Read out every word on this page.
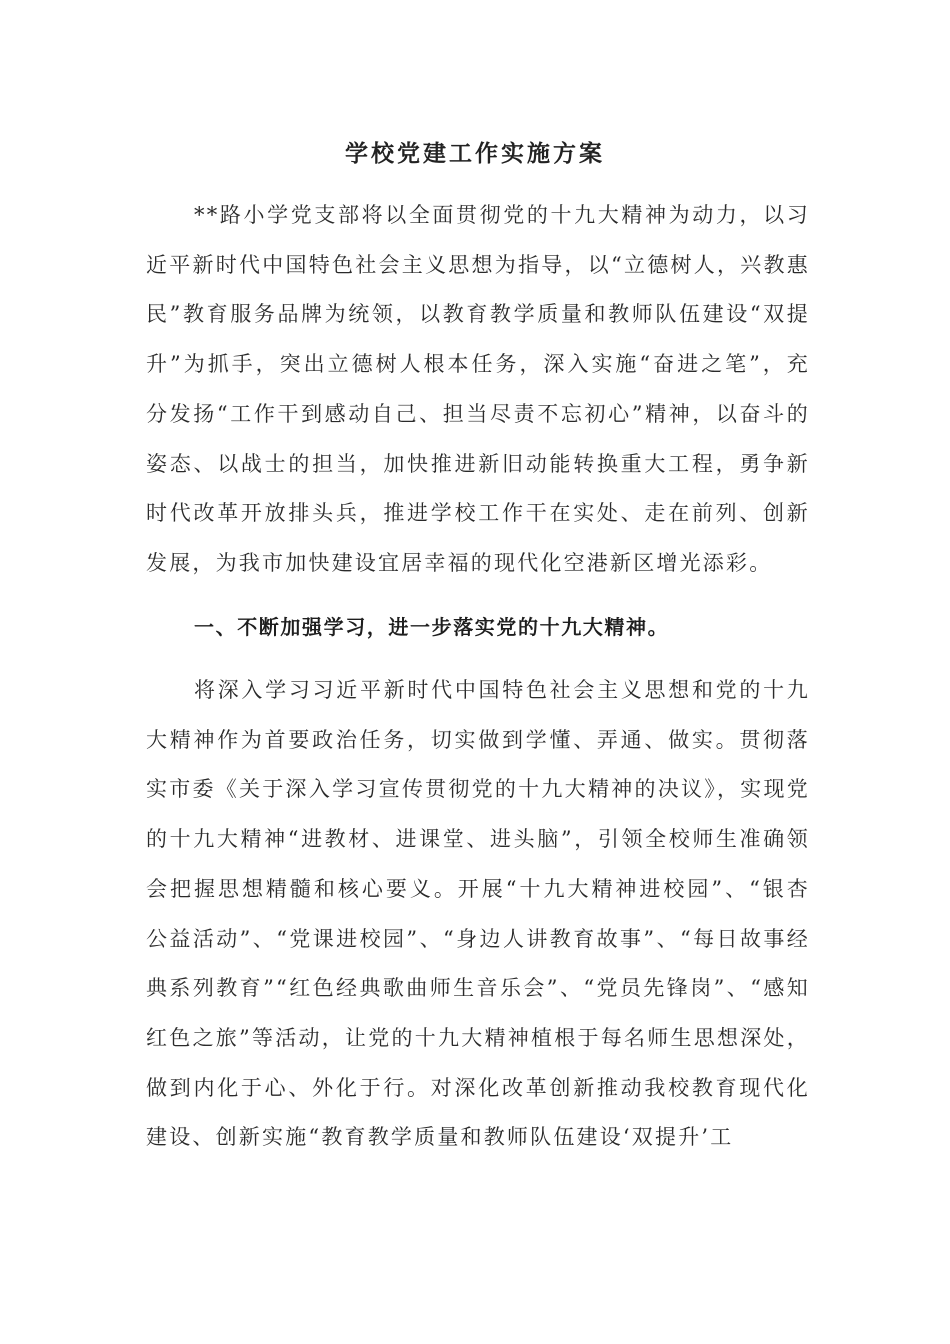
学校党建工作实施方案

**路小学党支部将以全面贯彻党的十九大精神为动力，以习近平新时代中国特色社会主义思想为指导，以“立德树人，兴教惠民”教育服务品牌为统领，以教育教学质量和教师队伍建设“双提升”为抓手，突出立德树人根本任务，深入实施“奋进之笔”，充分发扬“工作干到感动自己、担当尽责不忘初心”精神，以奋斗的姿态、以战士的担当，加快推进新旧动能转换重大工程，勇争新时代改革开放排头兵，推进学校工作干在实处、走在前列、创新发展，为我市加快建设宜居幸福的现代化空港新区增光添彩。

一、不断加强学习，进一步落实党的十九大精神。

将深入学习习近平新时代中国特色社会主义思想和党的十九大精神作为首要政治任务，切实做到学懂、弄通、做实。贯彻落实市委《关于深入学习宣传贯彻党的十九大精神的决议》，实现党的十九大精神“进教材、进课堂、进头脑”，引领全校师生准确领会把握思想精髓和核心要义。开展“十九大精神进校园”、“银杏公益活动”、“党课进校园”、“身边人讲教育故事”、“每日故事经典系列教育”“红色经典歌曲师生音乐会”、“党员先锋岗”、“感知红色之旅”等活动，让党的十九大精神植根于每名师生思想深处，做到内化于心、外化于行。对深化改革创新推动我校教育现代化建设、创新实施“教育教学质量和教师队伍建设‘双提升’工
